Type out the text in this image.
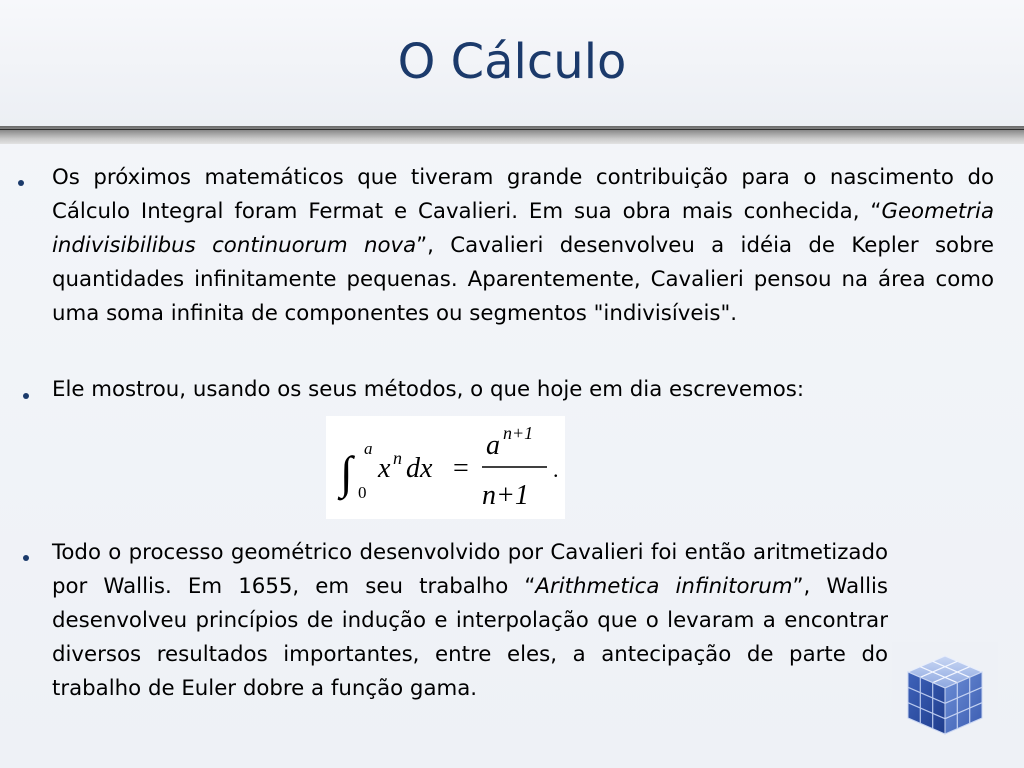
O Cálculo
Os próximos matemáticos que tiveram grande contribuição para o nascimento do Cálculo Integral foram Fermat e Cavalieri. Em sua obra mais conhecida, “Geometria indivisibilibus continuorum nova”, Cavalieri desenvolveu a idéia de Kepler sobre quantidades infinitamente pequenas. Aparentemente, Cavalieri pensou na área como uma soma infinita de componentes ou segmentos "indivisíveis".
Ele mostrou, usando os seus métodos, o que hoje em dia escrevemos:
∫ a
0
x n dx =
a n+1
n+1
.
Todo o processo geométrico desenvolvido por Cavalieri foi então aritmetizado por Wallis. Em 1655, em seu trabalho “Arithmetica infinitorum”, Wallis desenvolveu princípios de indução e interpolação que o levaram a encontrar diversos resultados importantes, entre eles, a antecipação de parte do trabalho de Euler dobre a função gama.
